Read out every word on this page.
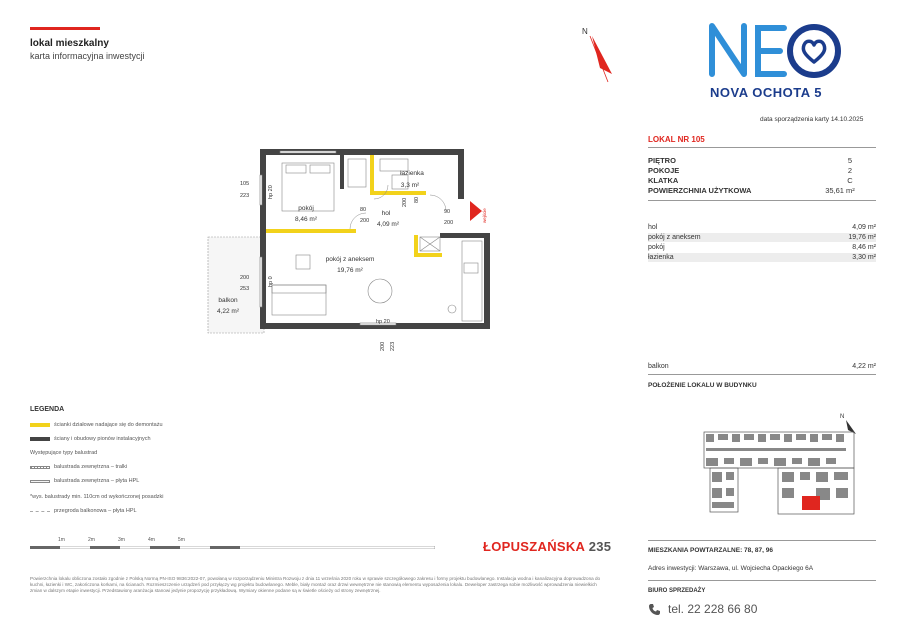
lokal mieszkalny
karta informacyjna inwestycji
N
NOVA OCHOTA 5
data sporządzenia karty 14.10.2025
LOKAL NR 105
PIĘTRO	5
POKOJE	2
KLATKA	C
POWIERZCHNIA UŻYTKOWA	35,61 m²
hol	4,09 m²
pokój z aneksem	19,76 m²
pokój	8,46 m²
łazienka	3,30 m²
balkon	4,22 m²
POŁOŻENIE LOKALU W BUDYNKU
N
MIESZKANIA POWTARZALNE: 78, 87, 96
Adres inwestycji: Warszawa, ul. Wojciecha Opackiego 6A
BIURO SPRZEDAŻY
tel. 22 228 66 80
wejście
pokój
8,46 m²
hol
4,09 m²
łazienka
3,3 m²
pokój z aneksem
19,76 m²
balkon
4,22 m²
105
223	hp 20
80
200
200 80
90
200
200
253
hp 0
hp 20
200 223
LEGENDA
ścianki działowe nadające się do demontażu
ściany i obudowy pionów instalacyjnych
Występujące typy balustrad
balustrada zewnętrzna – tralki
balustrada zewnętrzna – płyta HPL
*wys. balustrady min. 110cm od wykończonej posadzki
przegroda balkonowa – płyta HPL
1m	2m	3m	4m	5m	ŁOPUSZAŃSKA 235
Powierzchnia lokalu obliczona zostało zgodnie z Polską Normą PN-ISO 9836:2022-07, powołaną w rozporządzeniu Ministra Rozwoju z dnia 11 września 2020 roku w sprawie szczegółowego zakresu i formy projektu budowlanego. Instalacja wodna i kanalizacyjna doprowadzona do kuchni, łazienki i WC, zakończona korkami, na ścianach. Rozmieszczenie urządzeń pod przyłączy wg projektu budowlanego. Meble, biały montaż oraz drzwi wewnętrzne nie stanowią elementu wyposażenia lokalu. Deweloper zastrzega sobie możliwość wprowadzenia niewielkich zmian w dalszym etapie inwestycji. Przedstawiony aranżacja stanowi jedynie propozycję przykładową. Wymiary okienne podane są w świetle ościeży od strony zewnętrznej.
